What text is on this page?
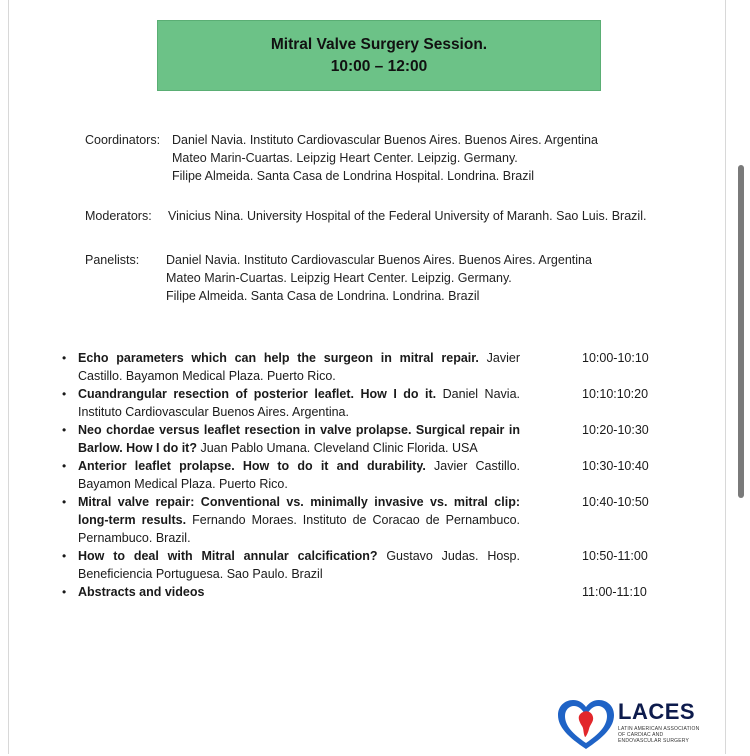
Mitral Valve Surgery Session.
10:00 – 12:00
Coordinators: Daniel Navia. Instituto Cardiovascular Buenos Aires. Buenos Aires. Argentina
Mateo Marin-Cuartas. Leipzig Heart Center. Leipzig. Germany.
Filipe Almeida. Santa Casa de Londrina Hospital. Londrina. Brazil
Moderators: Vinicius Nina. University Hospital of the Federal University of Maranh. Sao Luis. Brazil.
Panelists: Daniel Navia. Instituto Cardiovascular Buenos Aires. Buenos Aires. Argentina
Mateo Marin-Cuartas. Leipzig Heart Center. Leipzig. Germany.
Filipe Almeida. Santa Casa de Londrina. Londrina. Brazil
• Echo parameters which can help the surgeon in mitral repair. Javier Castillo. Bayamon Medical Plaza. Puerto Rico.
10:00-10:10
• Cuandrangular resection of posterior leaflet. How I do it. Daniel Navia. Instituto Cardiovascular Buenos Aires. Argentina.
10:10:10:20
• Neo chordae versus leaflet resection in valve prolapse. Surgical repair in Barlow. How I do it? Juan Pablo Umana. Cleveland Clinic Florida. USA
10:20-10:30
• Anterior leaflet prolapse. How to do it and durability. Javier Castillo. Bayamon Medical Plaza. Puerto Rico.
10:30-10:40
• Mitral valve repair: Conventional vs. minimally invasive vs. mitral clip: long-term results. Fernando Moraes. Instituto de Coracao de Pernambuco. Pernambuco. Brazil.
10:40-10:50
• How to deal with Mitral annular calcification? Gustavo Judas. Hosp. Beneficiencia Portuguesa. Sao Paulo. Brazil
10:50-11:00
• Abstracts and videos	11:00-11:10
LACES
LATIN AMERICAN ASSOCIATION OF CARDIAC AND ENDOVASCULAR SURGERY
